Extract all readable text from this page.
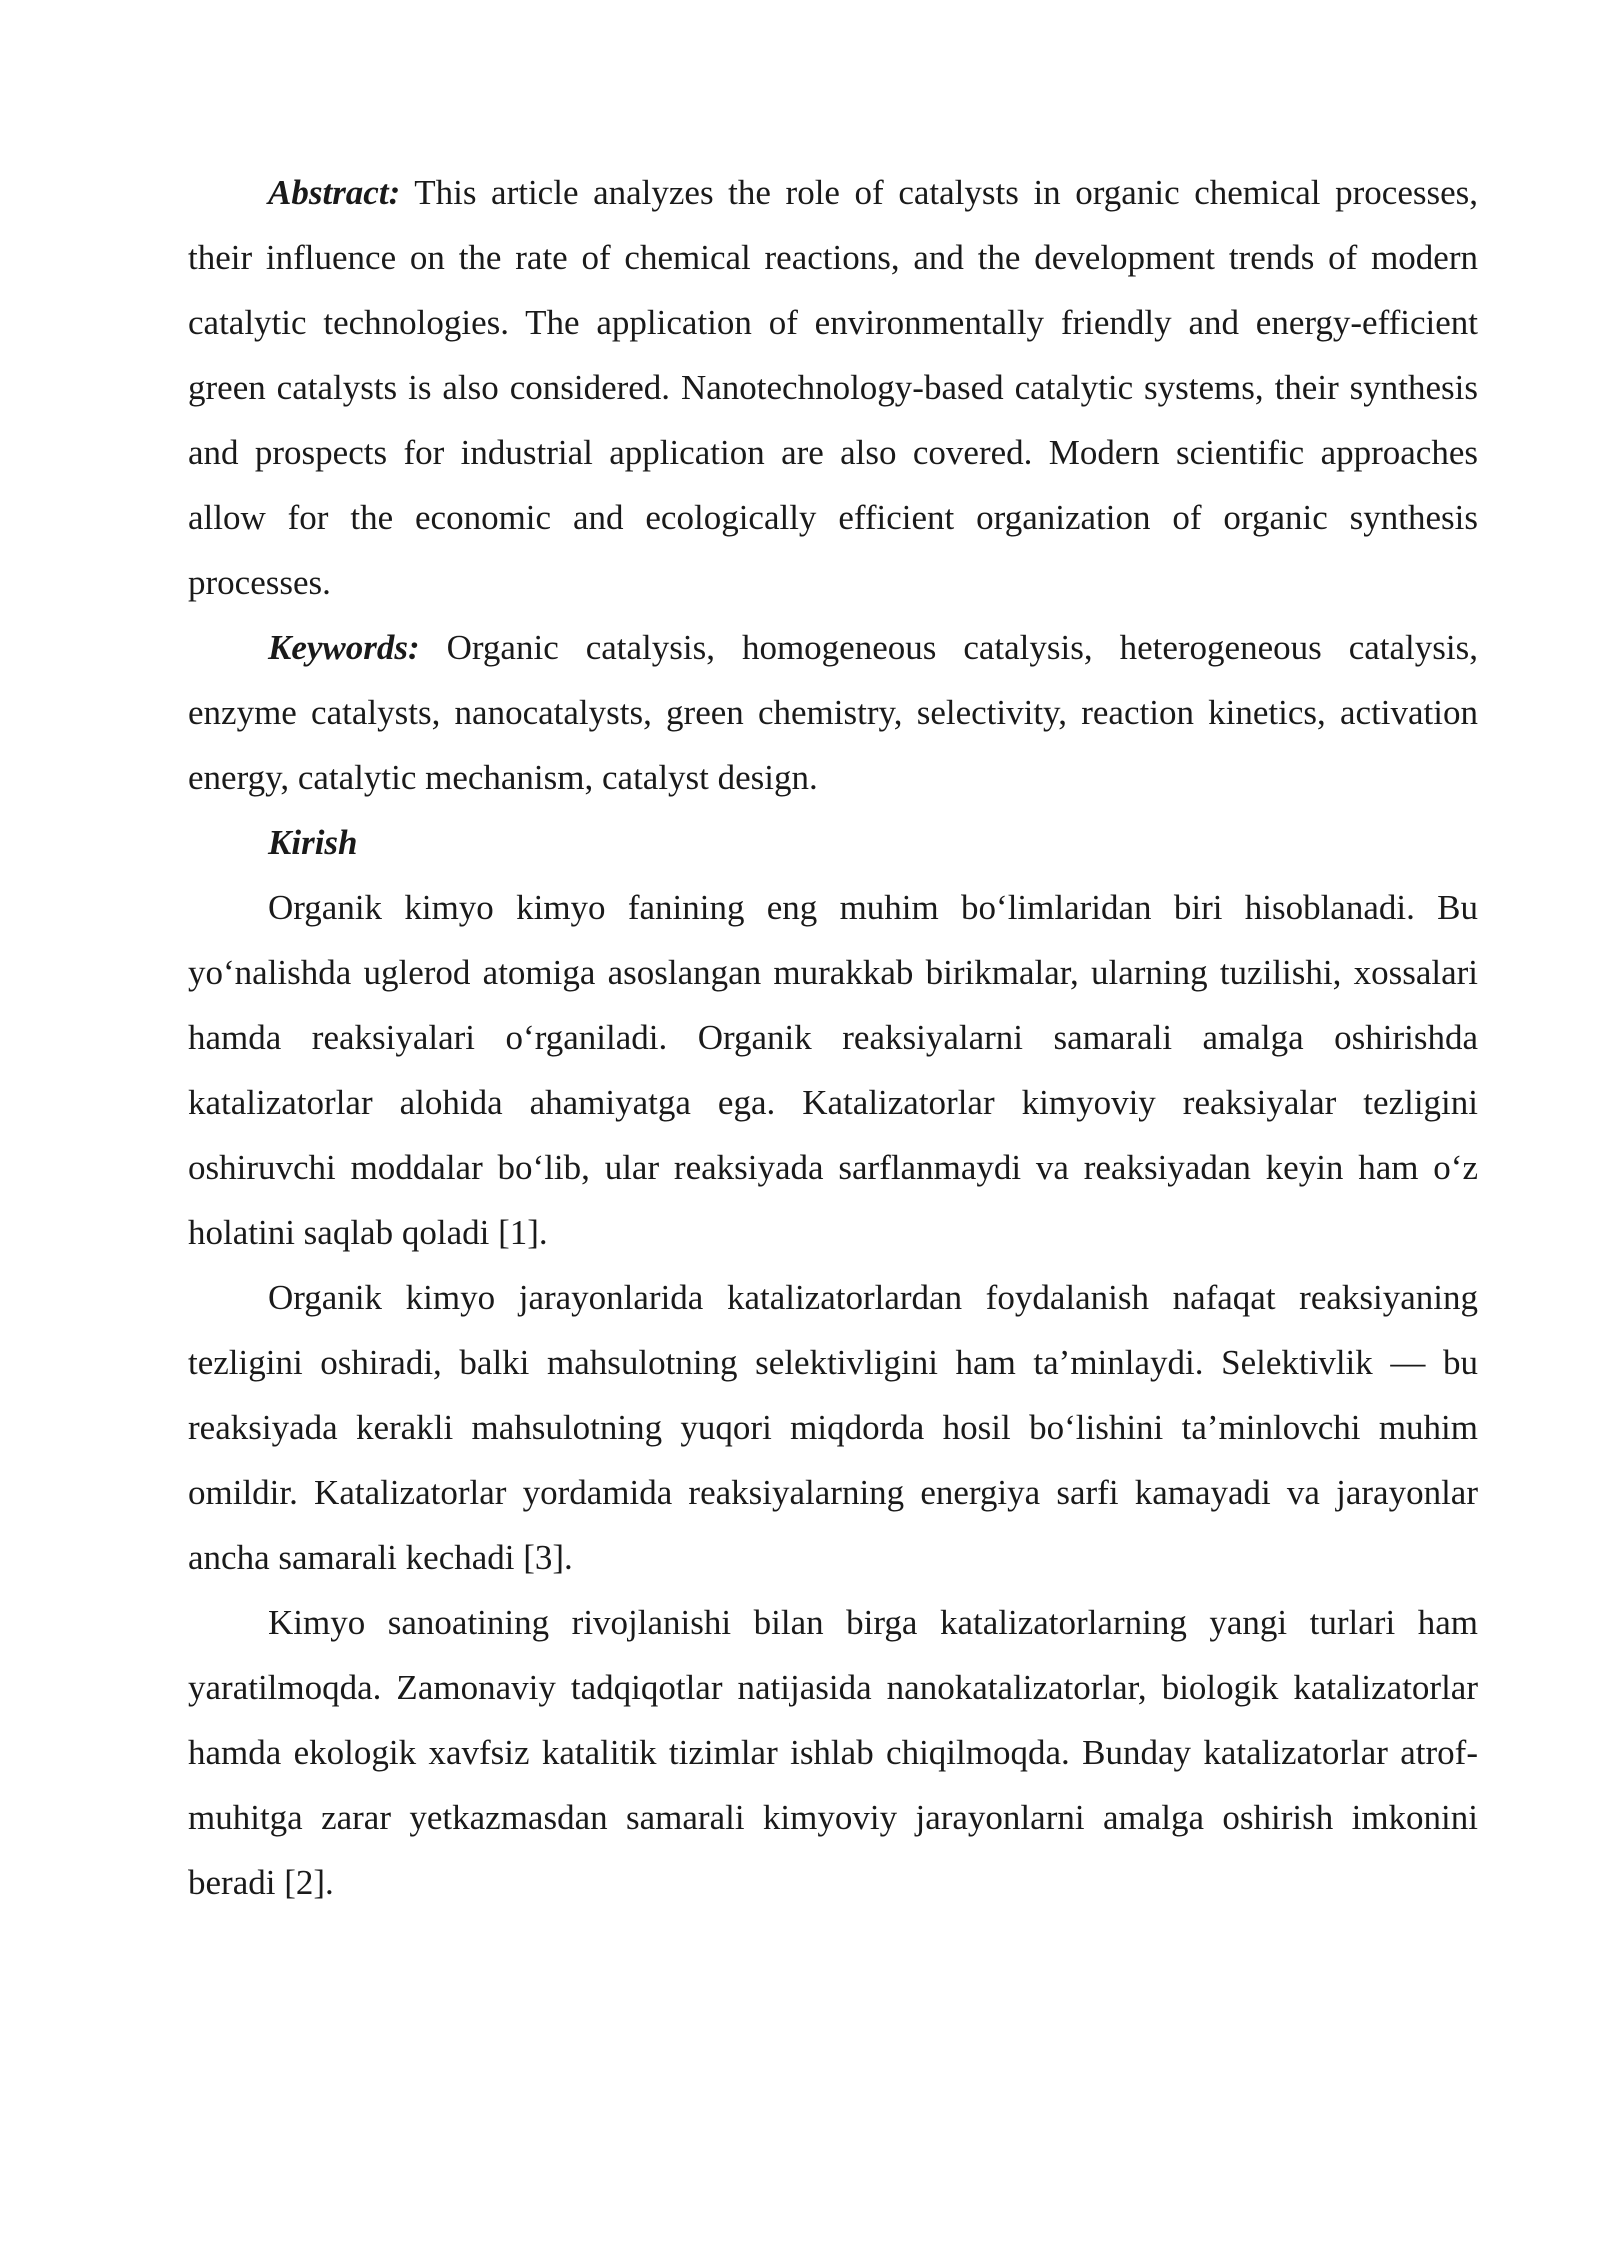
Abstract: This article analyzes the role of catalysts in organic chemical processes, their influence on the rate of chemical reactions, and the development trends of modern catalytic technologies. The application of environmentally friendly and energy-efficient green catalysts is also considered. Nanotechnology-based catalytic systems, their synthesis and prospects for industrial application are also covered. Modern scientific approaches allow for the economic and ecologically efficient organization of organic synthesis processes.

Keywords: Organic catalysis, homogeneous catalysis, heterogeneous catalysis, enzyme catalysts, nanocatalysts, green chemistry, selectivity, reaction kinetics, activation energy, catalytic mechanism, catalyst design.

Kirish

Organik kimyo kimyo fanining eng muhim bo‘limlaridan biri hisoblanadi. Bu yo‘nalishda uglerod atomiga asoslangan murakkab birikmalar, ularning tuzilishi, xossalari hamda reaksiyalari o‘rganiladi. Organik reaksiyalarni samarali amalga oshirishda katalizatorlar alohida ahamiyatga ega. Katalizatorlar kimyoviy reaksiyalar tezligini oshiruvchi moddalar bo‘lib, ular reaksiyada sarflanmaydi va reaksiyadan keyin ham o‘z holatini saqlab qoladi [1].

Organik kimyo jarayonlarida katalizatorlardan foydalanish nafaqat reaksiyaning tezligini oshiradi, balki mahsulotning selektivligini ham ta’minlaydi. Selektivlik — bu reaksiyada kerakli mahsulotning yuqori miqdorda hosil bo‘lishini ta’minlovchi muhim omildir. Katalizatorlar yordamida reaksiyalarning energiya sarfi kamayadi va jarayonlar ancha samarali kechadi [3].

Kimyo sanoatining rivojlanishi bilan birga katalizatorlarning yangi turlari ham yaratilmoqda. Zamonaviy tadqiqotlar natijasida nanokatalizatorlar, biologik katalizatorlar hamda ekologik xavfsiz katalitik tizimlar ishlab chiqilmoqda. Bunday katalizatorlar atrof-muhitga zarar yetkazmasdan samarali kimyoviy jarayonlarni amalga oshirish imkonini beradi [2].
